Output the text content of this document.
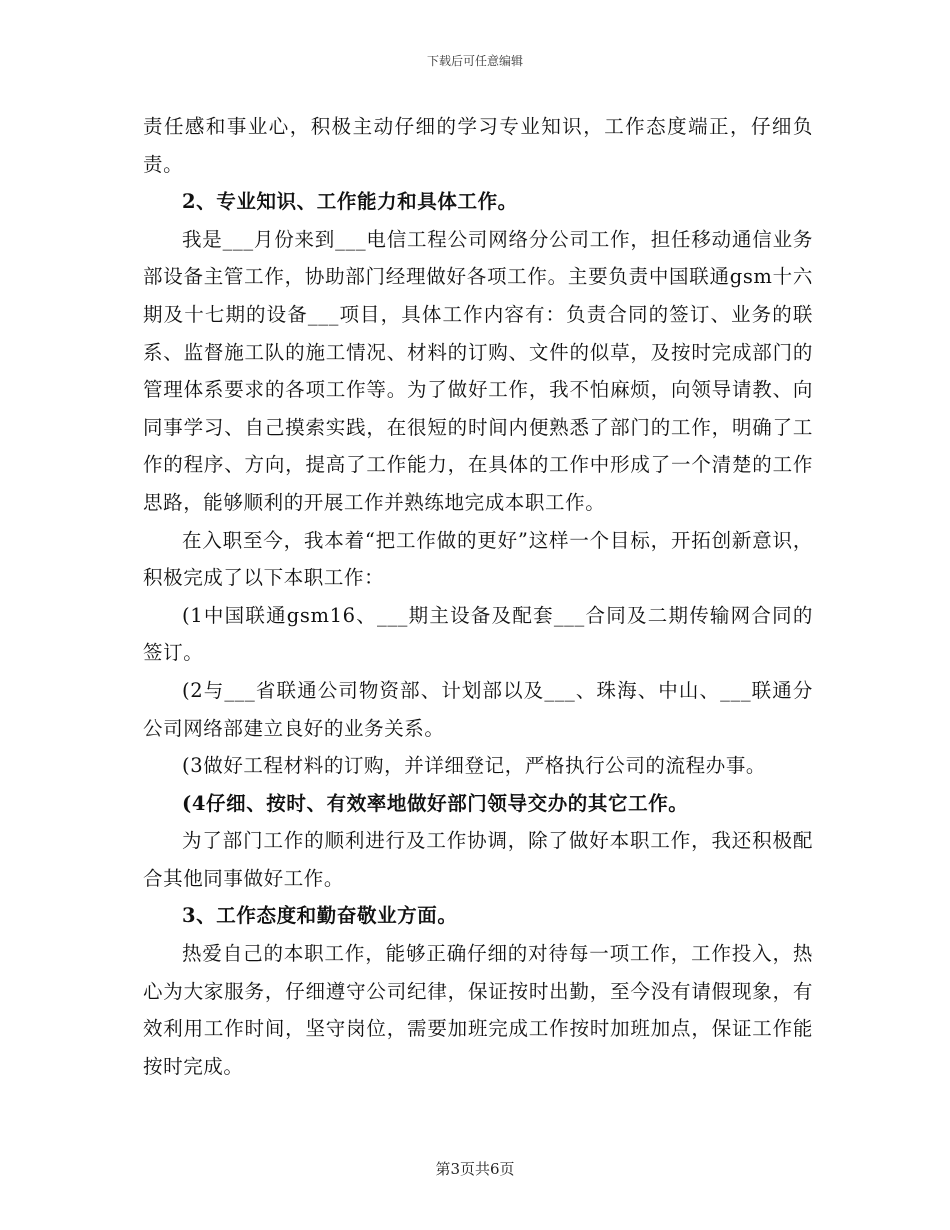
下载后可任意编辑

责任感和事业心，积极主动仔细的学习专业知识，工作态度端正，仔细负责。

2、专业知识、工作能力和具体工作。

我是___月份来到___电信工程公司网络分公司工作，担任移动通信业务部设备主管工作，协助部门经理做好各项工作。主要负责中国联通gsm十六期及十七期的设备___项目，具体工作内容有：负责合同的签订、业务的联系、监督施工队的施工情况、材料的订购、文件的似草，及按时完成部门的管理体系要求的各项工作等。为了做好工作，我不怕麻烦，向领导请教、向同事学习、自己摸索实践，在很短的时间内便熟悉了部门的工作，明确了工作的程序、方向，提高了工作能力，在具体的工作中形成了一个清楚的工作思路，能够顺利的开展工作并熟练地完成本职工作。

在入职至今，我本着“把工作做的更好”这样一个目标，开拓创新意识，积极完成了以下本职工作：

(1中国联通gsm16、___期主设备及配套___合同及二期传输网合同的签订。

(2与___省联通公司物资部、计划部以及___、珠海、中山、___联通分公司网络部建立良好的业务关系。

(3做好工程材料的订购，并详细登记，严格执行公司的流程办事。

(4仔细、按时、有效率地做好部门领导交办的其它工作。

为了部门工作的顺利进行及工作协调，除了做好本职工作，我还积极配合其他同事做好工作。

3、工作态度和勤奋敬业方面。

热爱自己的本职工作，能够正确仔细的对待每一项工作，工作投入，热心为大家服务，仔细遵守公司纪律，保证按时出勤，至今没有请假现象，有效利用工作时间，坚守岗位，需要加班完成工作按时加班加点，保证工作能按时完成。

第3页共6页
